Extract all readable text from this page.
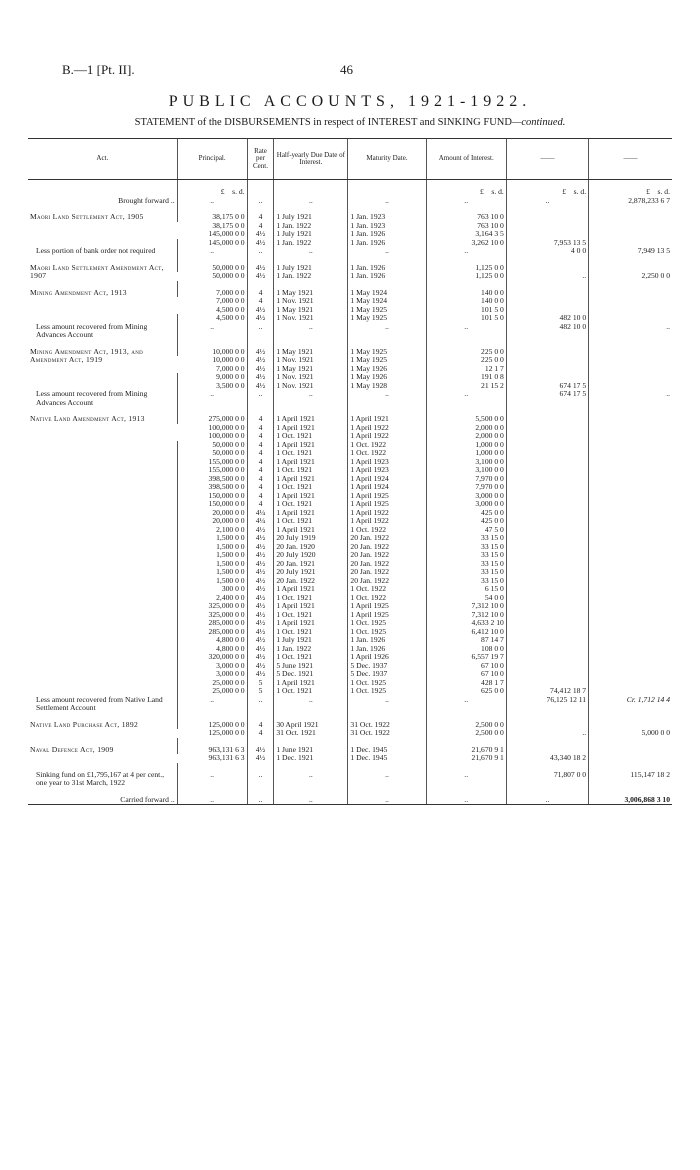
B.—1 [Pt. II].	46
PUBLIC ACCOUNTS, 1921-1922.
STATEMENT of the DISBURSEMENTS in respect of INTEREST and SINKING FUND—continued.
Act.	Principal.	Rate per Cent.	Half-yearly Due Date of Interest.	Maturity Date.	Amount of Interest.	——	——

	£    s. d.				£    s. d.	£    s. d.	£    s. d.
Brought forward ..	..	..	..	..	..	..	2,878,233 6 7

Maori Land Settlement Act, 1905	38,175 0 0	4	1 July 1921	1 Jan. 1923	763 10 0		
	38,175 0 0	4	1 Jan. 1922	1 Jan. 1923	763 10 0		
	145,000 0 0	4½	1 July 1921	1 Jan. 1926	3,164 3 5		
	145,000 0 0	4½	1 Jan. 1922	1 Jan. 1926	3,262 10 0	7,953 13 5	
Less portion of bank order not required	..	..	..	..	..	4 0 0	7,949 13 5

Maori Land Settlement Amendment Act, 1907	50,000 0 0	4½	1 July 1921	1 Jan. 1926	1,125 0 0		
	50,000 0 0	4½	1 Jan. 1922	1 Jan. 1926	1,125 0 0	..	2,250 0 0

Mining Amendment Act, 1913	7,000 0 0	4	1 May 1921	1 May 1924	140 0 0		
	7,000 0 0	4	1 Nov. 1921	1 May 1924	140 0 0		
	4,500 0 0	4½	1 May 1921	1 May 1925	101 5 0		
	4,500 0 0	4½	1 Nov. 1921	1 May 1925	101 5 0	482 10 0	
Less amount recovered from Mining Advances Account	..	..	..	..	..	482 10 0	..

Mining Amendment Act, 1913, and Amendment Act, 1919	10,000 0 0	4½	1 May 1921	1 May 1925	225 0 0		
	10,000 0 0	4½	1 Nov. 1921	1 May 1925	225 0 0		
	7,000 0 0	4½	1 May 1921	1 May 1926	12 1 7		
	9,000 0 0	4½	1 Nov. 1921	1 May 1926	191 0 8		
	3,500 0 0	4½	1 Nov. 1921	1 May 1928	21 15 2	674 17 5	
Less amount recovered from Mining Advances Account	..	..	..	..	..	674 17 5	..

Native Land Amendment Act, 1913	275,000 0 0	4	1 April 1921	1 April 1921	5,500 0 0		
	100,000 0 0	4	1 April 1921	1 April 1922	2,000 0 0		
	100,000 0 0	4	1 Oct. 1921	1 April 1922	2,000 0 0		
	50,000 0 0	4	1 April 1921	1 Oct. 1922	1,000 0 0		
	50,000 0 0	4	1 Oct. 1921	1 Oct. 1922	1,000 0 0		
	155,000 0 0	4	1 April 1921	1 April 1923	3,100 0 0		
	155,000 0 0	4	1 Oct. 1921	1 April 1923	3,100 0 0		
	398,500 0 0	4	1 April 1921	1 April 1924	7,970 0 0		
	398,500 0 0	4	1 Oct. 1921	1 April 1924	7,970 0 0		
	150,000 0 0	4	1 April 1921	1 April 1925	3,000 0 0		
	150,000 0 0	4	1 Oct. 1921	1 April 1925	3,000 0 0		
	20,000 0 0	4¼	1 April 1921	1 April 1922	425 0 0		
	20,000 0 0	4¼	1 Oct. 1921	1 April 1922	425 0 0		
	2,100 0 0	4½	1 April 1921	1 Oct. 1922	47 5 0		
	1,500 0 0	4½	20 July 1919	20 Jan. 1922	33 15 0		
	1,500 0 0	4½	20 Jan. 1920	20 Jan. 1922	33 15 0		
	1,500 0 0	4½	20 July 1920	20 Jan. 1922	33 15 0		
	1,500 0 0	4½	20 Jan. 1921	20 Jan. 1922	33 15 0		
	1,500 0 0	4½	20 July 1921	20 Jan. 1922	33 15 0		
	1,500 0 0	4½	20 Jan. 1922	20 Jan. 1922	33 15 0		
	300 0 0	4½	1 April 1921	1 Oct. 1922	6 15 0		
	2,400 0 0	4½	1 Oct. 1921	1 Oct. 1922	54 0 0		
	325,000 0 0	4½	1 April 1921	1 April 1925	7,312 10 0		
	325,000 0 0	4½	1 Oct. 1921	1 April 1925	7,312 10 0		
	285,000 0 0	4½	1 April 1921	1 Oct. 1925	4,633 2 10		
	285,000 0 0	4½	1 Oct. 1921	1 Oct. 1925	6,412 10 0		
	4,800 0 0	4½	1 July 1921	1 Jan. 1926	87 14 7		
	4,800 0 0	4½	1 Jan. 1922	1 Jan. 1926	108 0 0		
	320,000 0 0	4½	1 Oct. 1921	1 April 1926	6,557 19 7		
	3,000 0 0	4½	5 June 1921	5 Dec. 1937	67 10 0		
	3,000 0 0	4½	5 Dec. 1921	5 Dec. 1937	67 10 0		
	25,000 0 0	5	1 April 1921	1 Oct. 1925	428 1 7		
	25,000 0 0	5	1 Oct. 1921	1 Oct. 1925	625 0 0	74,412 18 7	
Less amount recovered from Native Land Settlement Account	..	..	..	..	..	76,125 12 11	Cr. 1,712 14 4

Native Land Purchase Act, 1892	125,000 0 0	4	30 April 1921	31 Oct. 1922	2,500 0 0		
	125,000 0 0	4	31 Oct. 1921	31 Oct. 1922	2,500 0 0	..	5,000 0 0

Naval Defence Act, 1909	963,131 6 3	4½	1 June 1921	1 Dec. 1945	21,670 9 1		
	963,131 6 3	4½	1 Dec. 1921	1 Dec. 1945	21,670 9 1	43,340 18 2	

Sinking fund on £1,795,167 at 4 per cent., one year to 31st March, 1922	..	..	..	..	..	71,807 0 0	115,147 18 2

Carried forward ..	..	..	..	..	..	..	3,006,868 3 10
